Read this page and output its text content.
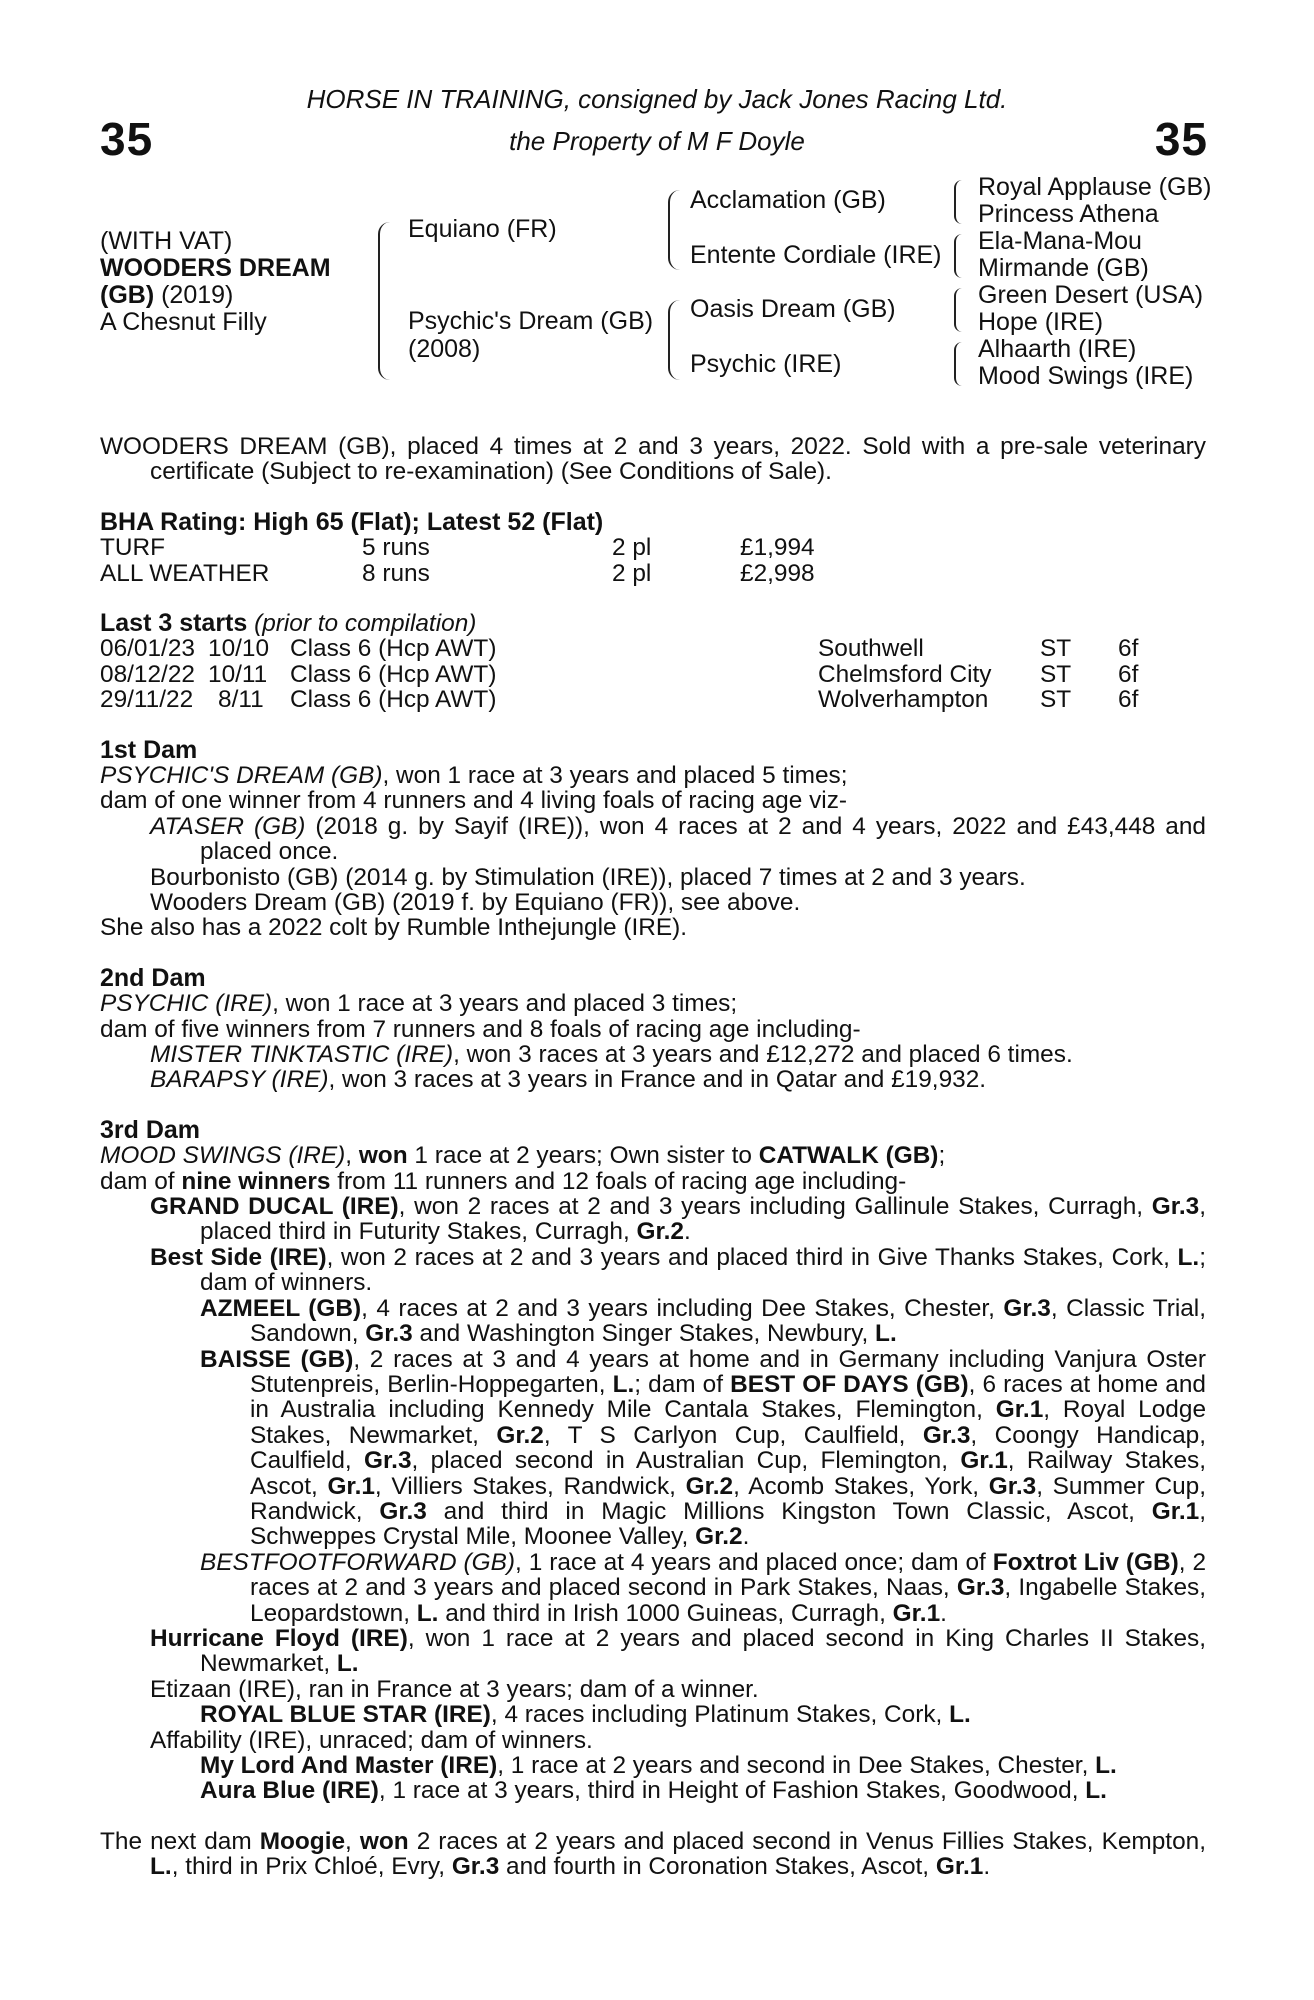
35	35
HORSE IN TRAINING, consigned by Jack Jones Racing Ltd.
the Property of M F Doyle
(WITH VAT)
WOODERS DREAM
(GB) (2019)
A Chesnut Filly
Equiano (FR)
Psychic's Dream (GB)
(2008)
Acclamation (GB)
Entente Cordiale (IRE)
Oasis Dream (GB)
Psychic (IRE)
Royal Applause (GB)
Princess Athena
Ela-Mana-Mou
Mirmande (GB)
Green Desert (USA)
Hope (IRE)
Alhaarth (IRE)
Mood Swings (IRE)

WOODERS DREAM (GB), placed 4 times at 2 and 3 years, 2022. Sold with a pre-sale veterinary certificate (Subject to re-examination) (See Conditions of Sale).

BHA Rating: High 65 (Flat); Latest 52 (Flat)
TURF	5 runs	2 pl	£1,994
ALL WEATHER	8 runs	2 pl	£2,998
Last 3 starts (prior to compilation)
06/01/23 10/10 Class 6 (Hcp AWT)	Southwell	ST 6f
08/12/22 10/11 Class 6 (Hcp AWT)	Chelmsford City ST 6f
29/11/22 8/11 Class 6 (Hcp AWT)	Wolverhampton ST 6f
1st Dam

PSYCHIC'S DREAM (GB), won 1 race at 3 years and placed 5 times;

dam of one winner from 4 runners and 4 living foals of racing age viz-

ATASER (GB) (2018 g. by Sayif (IRE)), won 4 races at 2 and 4 years, 2022 and £43,448 and placed once.

Bourbonisto (GB) (2014 g. by Stimulation (IRE)), placed 7 times at 2 and 3 years.

Wooders Dream (GB) (2019 f. by Equiano (FR)), see above.

She also has a 2022 colt by Rumble Inthejungle (IRE).

2nd Dam

PSYCHIC (IRE), won 1 race at 3 years and placed 3 times;

dam of five winners from 7 runners and 8 foals of racing age including-

MISTER TINKTASTIC (IRE), won 3 races at 3 years and £12,272 and placed 6 times.

BARAPSY (IRE), won 3 races at 3 years in France and in Qatar and £19,932.

3rd Dam

MOOD SWINGS (IRE), won 1 race at 2 years; Own sister to CATWALK (GB);

dam of nine winners from 11 runners and 12 foals of racing age including-

GRAND DUCAL (IRE), won 2 races at 2 and 3 years including Gallinule Stakes, Curragh, Gr.3, placed third in Futurity Stakes, Curragh, Gr.2.

Best Side (IRE), won 2 races at 2 and 3 years and placed third in Give Thanks Stakes, Cork, L.; dam of winners.

AZMEEL (GB), 4 races at 2 and 3 years including Dee Stakes, Chester, Gr.3, Classic Trial, Sandown, Gr.3 and Washington Singer Stakes, Newbury, L.

BAISSE (GB), 2 races at 3 and 4 years at home and in Germany including Vanjura Oster Stutenpreis, Berlin-Hoppegarten, L.; dam of BEST OF DAYS (GB), 6 races at home and in Australia including Kennedy Mile Cantala Stakes, Flemington, Gr.1, Royal Lodge Stakes, Newmarket, Gr.2, T S Carlyon Cup, Caulfield, Gr.3, Coongy Handicap, Caulfield, Gr.3, placed second in Australian Cup, Flemington, Gr.1, Railway Stakes, Ascot, Gr.1, Villiers Stakes, Randwick, Gr.2, Acomb Stakes, York, Gr.3, Summer Cup, Randwick, Gr.3 and third in Magic Millions Kingston Town Classic, Ascot, Gr.1, Schweppes Crystal Mile, Moonee Valley, Gr.2.

BESTFOOTFORWARD (GB), 1 race at 4 years and placed once; dam of Foxtrot Liv (GB), 2 races at 2 and 3 years and placed second in Park Stakes, Naas, Gr.3, Ingabelle Stakes, Leopardstown, L. and third in Irish 1000 Guineas, Curragh, Gr.1.

Hurricane Floyd (IRE), won 1 race at 2 years and placed second in King Charles II Stakes, Newmarket, L.

Etizaan (IRE), ran in France at 3 years; dam of a winner.

ROYAL BLUE STAR (IRE), 4 races including Platinum Stakes, Cork, L.

Affability (IRE), unraced; dam of winners.

My Lord And Master (IRE), 1 race at 2 years and second in Dee Stakes, Chester, L.

Aura Blue (IRE), 1 race at 3 years, third in Height of Fashion Stakes, Goodwood, L.

The next dam Moogie, won 2 races at 2 years and placed second in Venus Fillies Stakes, Kempton, L., third in Prix Chloé, Evry, Gr.3 and fourth in Coronation Stakes, Ascot, Gr.1.
